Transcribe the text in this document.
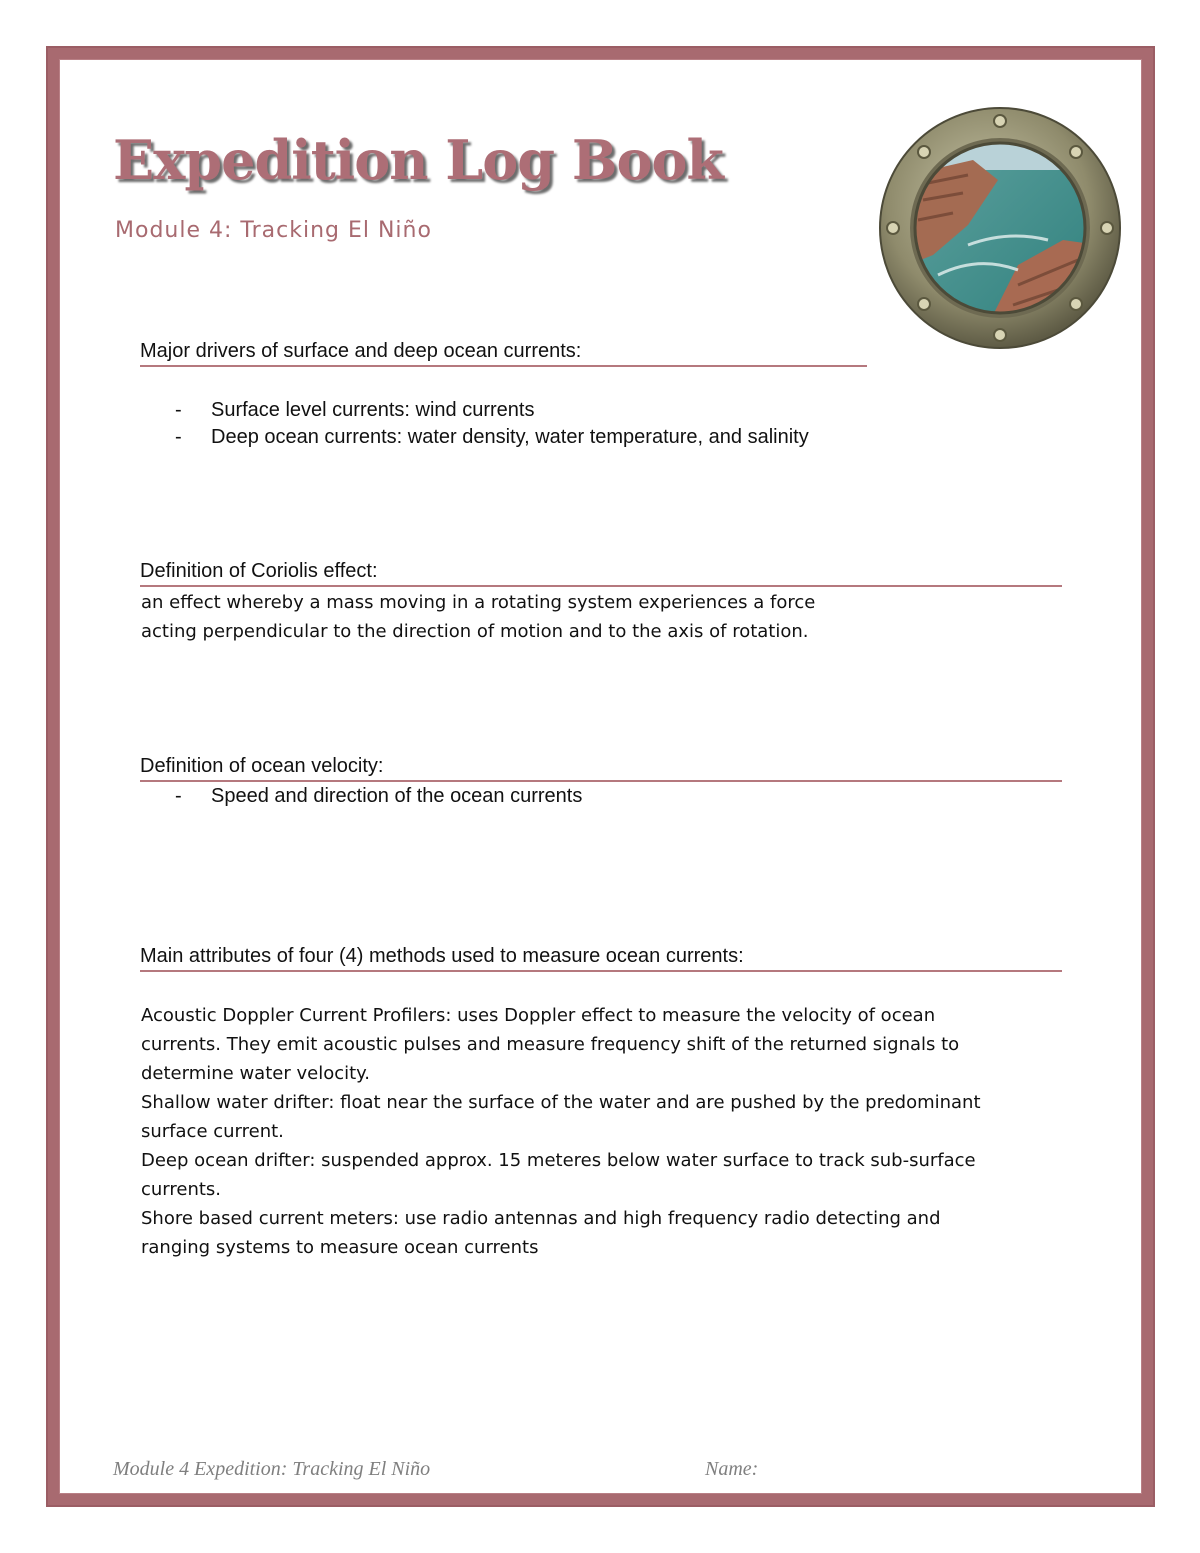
Expedition Log Book
Module 4: Tracking El Niño
Major drivers of surface and deep ocean currents:
- Surface level currents: wind currents
- Deep ocean currents: water density, water temperature, and salinity
Definition of Coriolis effect:
an effect whereby a mass moving in a rotating system experiences a force
acting perpendicular to the direction of motion and to the axis of rotation.
Definition of ocean velocity:
- Speed and direction of the ocean currents
Main attributes of four (4) methods used to measure ocean currents:
Acoustic Doppler Current Profilers: uses Doppler effect to measure the velocity of ocean
currents. They emit acoustic pulses and measure frequency shift of the returned signals to
determine water velocity.
Shallow water drifter: float near the surface of the water and are pushed by the predominant
surface current.
Deep ocean drifter: suspended approx. 15 meteres below water surface to track sub-surface
currents.
Shore based current meters: use radio antennas and high frequency radio detecting and
ranging systems to measure ocean currents
Module 4 Expedition: Tracking El Niño	Name:
